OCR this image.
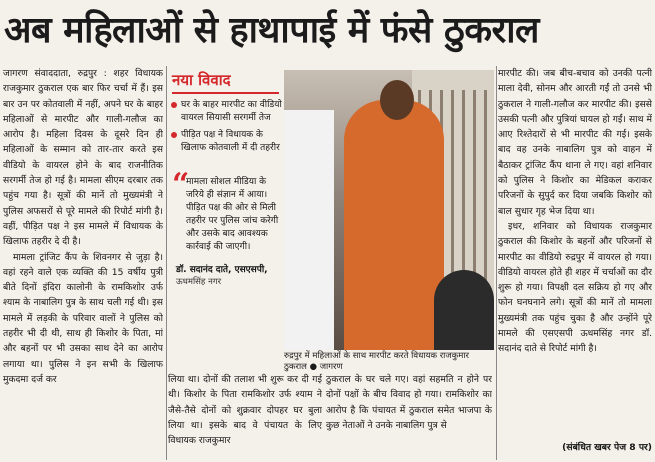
अब महिलाओं से हाथापाई में फंसे ठुकराल

जागरण संवाददाता, रुद्रपुर : शहर विधायक राजकुमार ठुकराल एक बार फिर चर्चा में हैं। इस बार उन पर कोतवाली में नहीं, अपने घर के बाहर महिलाओं से मारपीट और गाली-गलौज का आरोप है। महिला दिवस के दूसरे दिन ही महिलाओं के सम्मान को तार-तार करते इस वीडियो के वायरल होने के बाद राजनीतिक सरगर्मी तेज हो गई है। मामला सीएम दरबार तक पहुंच गया है। सूत्रों की मानें तो मुख्यमंत्री ने पुलिस अफसरों से पूरे मामले की रिपोर्ट मांगी है। वहीं, पीड़ित पक्ष ने इस मामले में विधायक के खिलाफ तहरीर दे दी है।

मामला ट्रांजिट कैंप के शिवनगर से जुड़ा है। वहां रहने वाले एक व्यक्ति की 15 वर्षीय पुत्री बीते दिनों इंदिरा कालोनी के रामकिशोर उर्फ श्याम के नाबालिग पुत्र के साथ चली गई थी। इस मामले में लड़की के परिवार वालों ने पुलिस को तहरीर भी दी थी, साथ ही किशोर के पिता, मां और बहनों पर भी उसका साथ देने का आरोप लगाया था। पुलिस ने इन सभी के खिलाफ मुकदमा दर्ज कर

नया विवाद
घर के बाहर मारपीट का वीडियो वायरल सियासी सरगर्मी तेज
पीड़ित पक्ष ने विधायक के खिलाफ कोतवाली में दी तहरीर
“
मामला सोशल मीडिया के जरिये ही संज्ञान में आया। पीड़ित पक्ष की ओर से मिली तहरीर पर पुलिस जांच करेगी और उसके बाद आवश्यक कार्रवाई की जाएगी।
डॉ. सदानंद दाते, एसएसपी,
ऊधमसिंह नगर
रुद्रपुर में महिलाओं के साथ मारपीट करते विधायक राजकुमार ठुकराल ● जागरण

लिया था। दोनों की तलाश भी शुरू कर दी गई थी। किशोर के पिता रामकिशोर उर्फ श्याम ने जैसे-तैसे दोनों को शुक्रवार दोपहर घर बुला लिया था। इसके बाद वे पंचायत के लिए विधायक राजकुमार

ठुकराल के घर चले गए। वहां सहमति न होने पर दोनों पक्षों के बीच विवाद हो गया। रामकिशोर का आरोप है कि पंचायत में ठुकराल समेत भाजपा के कुछ नेताओं ने उनके नाबालिग पुत्र से

मारपीट की। जब बीच-बचाव को उनकी पत्नी माला देवी, सोनम और आरती गईं तो उनसे भी ठुकराल ने गाली-गलौज कर मारपीट की। इससे उसकी पत्नी और पुत्रियां घायल हो गईं। साथ में आए रिश्तेदारों से भी मारपीट की गई। इसके बाद वह उनके नाबालिग पुत्र को वाहन में बैठाकर ट्रांजिट कैंप थाना ले गए। वहां शनिवार को पुलिस ने किशोर का मेडिकल कराकर परिजनों के सुपुर्द कर दिया जबकि किशोर को बाल सुधार गृह भेज दिया था।

इधर, शनिवार को विधायक राजकुमार ठुकराल की किशोर के बहनों और परिजनों से मारपीट का वीडियो रुद्रपुर में वायरल हो गया। वीडियो वायरल होते ही शहर में चर्चाओं का दौर शुरू हो गया। विपक्षी दल सक्रिय हो गए और फोन घनघनाने लगे। सूत्रों की मानें तो मामला मुख्यमंत्री तक पहुंच चुका है और उन्होंने पूरे मामले की एसएसपी ऊधमसिंह नगर डॉ. सदानंद दाते से रिपोर्ट मांगी है।

(संबंधित खबर पेज 8 पर)
